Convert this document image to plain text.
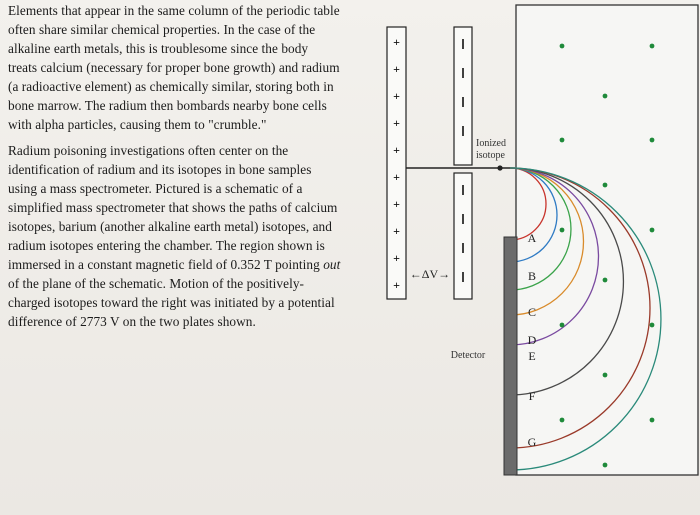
Elements that appear in the same column of the periodic table
often share similar chemical properties. In the case of the
alkaline earth metals, this is troublesome since the body
treats calcium (necessary for proper bone growth) and radium
(a radioactive element) as chemically similar, storing both in
bone marrow. The radium then bombards nearby bone cells
with alpha particles, causing them to "crumble."

Radium poisoning investigations often center on the
identification of radium and its isotopes in bone samples
using a mass spectrometer. Pictured is a schematic of a
simplified mass spectrometer that shows the paths of calcium
isotopes, barium (another alkaline earth metal) isotopes, and
radium isotopes entering the chamber. The region shown is
immersed in a constant magnetic field of 0.352 T pointing out
of the plane of the schematic. Motion of the positively-
charged isotopes toward the right was initiated by a potential
difference of 2773 V on the two plates shown.

+
+
+
+
+
+
+
+
+
+
←ΔV→
Ionized
isotope
Detector
A
B
C
D
E
F
G
